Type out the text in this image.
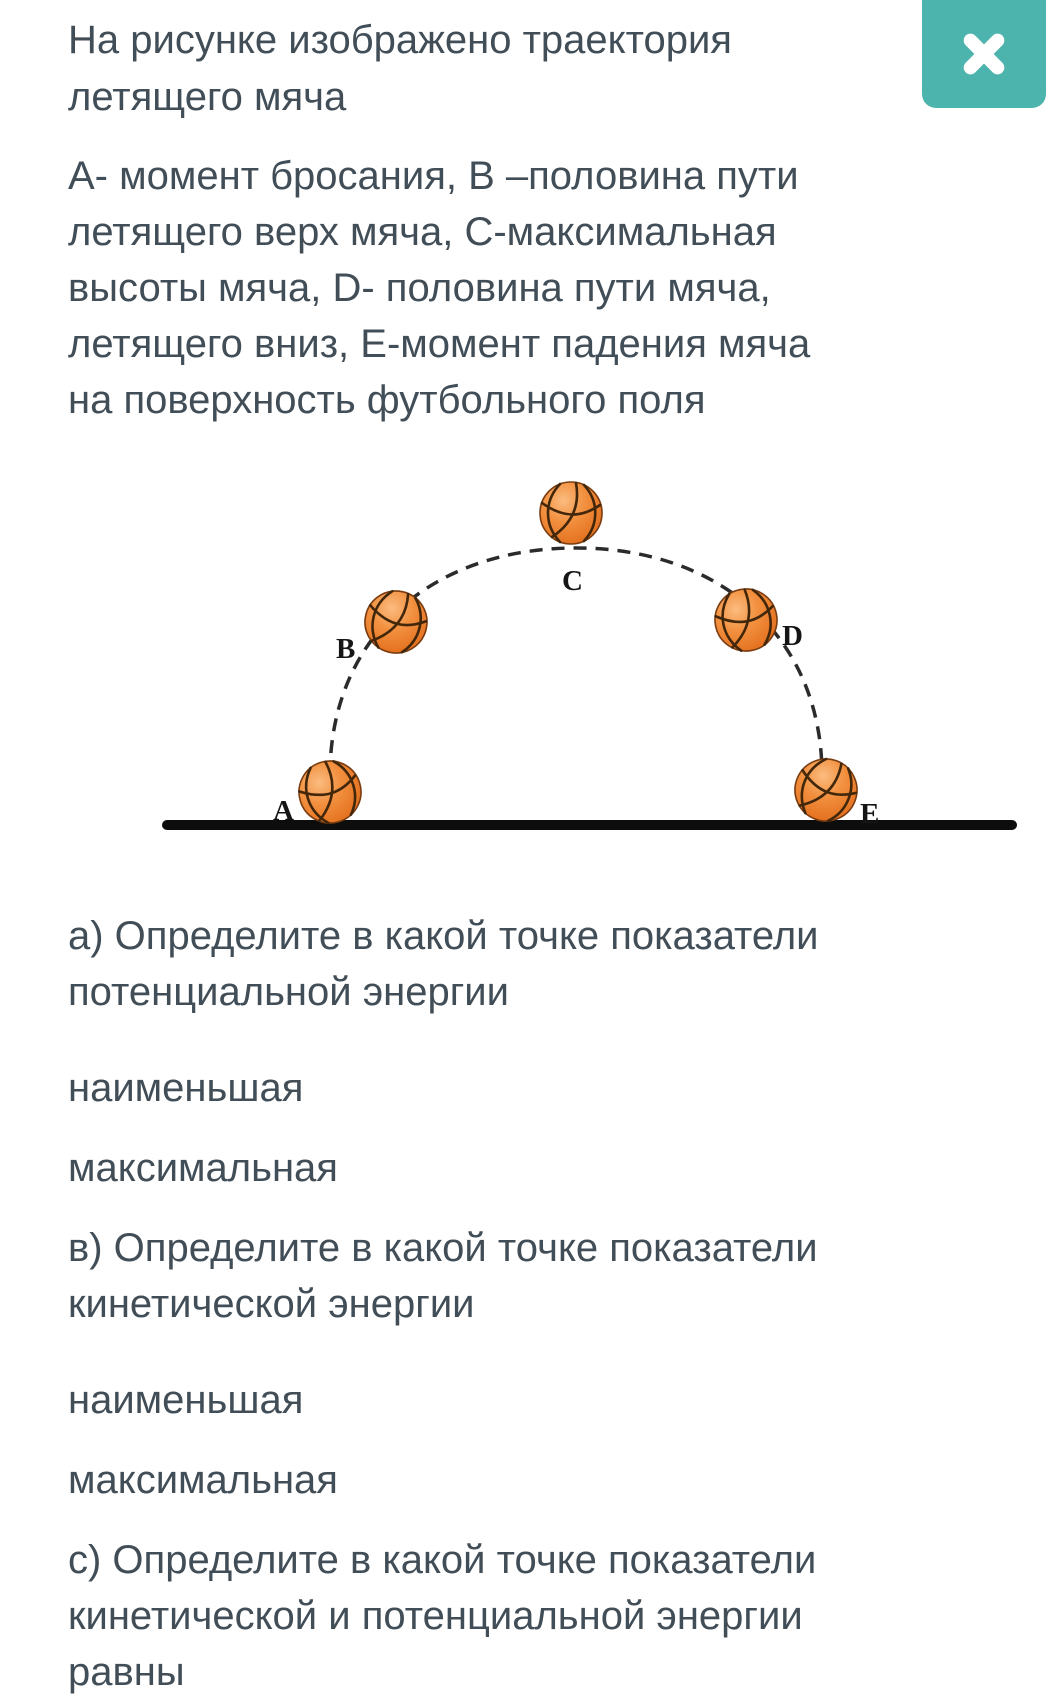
На рисунке изображено траектория
летящего мяча
А- момент бросания, В –половина пути
летящего верх мяча, С-максимальная
высоты мяча, D- половина пути мяча,
летящего вниз, Е-момент падения мяча
на поверхность футбольного поля
A
B
C
D
E
а) Определите в какой точке показатели
потенциальной энергии
наименьшая
максимальная
в) Определите в какой точке показатели
кинетической энергии
наименьшая
максимальная
с) Определите в какой точке показатели
кинетической и потенциальной энергии
равны
